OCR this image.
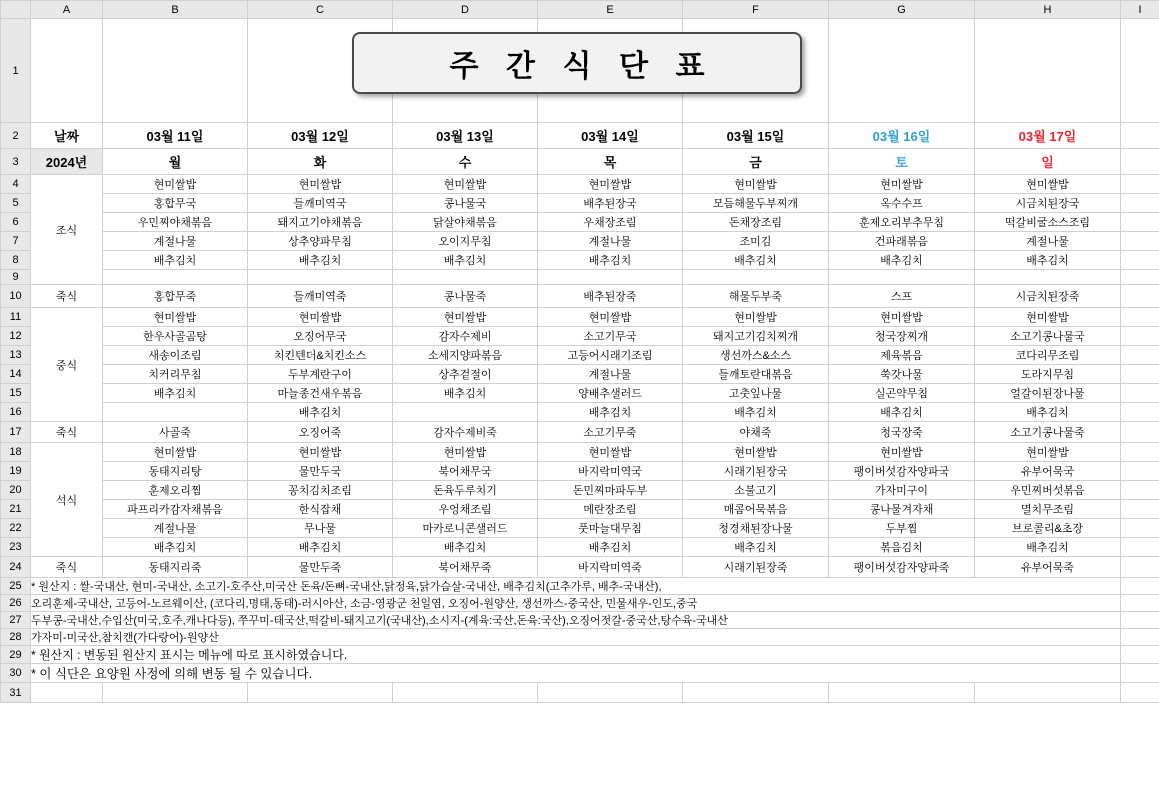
	A	B	C	D	E	F	G	H	I
1									
2	날짜	03월 11일	03월 12일	03월 13일	03월 14일	03월 15일	03월 16일	03월 17일	
3	2024년	월	화	수	목	금	토	일	
4	조식	현미쌀밥	현미쌀밥	현미쌀밥	현미쌀밥	현미쌀밥	현미쌀밥	현미쌀밥	
5		홍합무국	들깨미역국	콩나물국	배추된장국	모듬해물두부찌개	옥수수프	시금치된장국	
6		우민찌야채볶음	돼지고기야채볶음	닭살야채볶음	우채장조림	돈채장조림	훈제오리부추무침	떡갈비굴소스조림	
7		계절나물	상추양파무침	오이지무침	계절나물	조미김	건파래볶음	계절나물	
8		배추김치	배추김치	배추김치	배추김치	배추김치	배추김치	배추김치	
9									
10	죽식	홍합무죽	들깨미역죽	콩나물죽	배추된장죽	해물두부죽	스프	시금치된장죽	
11	중식	현미쌀밥	현미쌀밥	현미쌀밥	현미쌀밥	현미쌀밥	현미쌀밥	현미쌀밥	
12		한우사골곰탕	오징어무국	감자수제비	소고기무국	돼지고기김치찌개	청국장찌개	소고기콩나물국	
13		새송이조림	치킨텐더&치킨소스	소세지양파볶음	고등어시래기조림	생선까스&소스	제육볶음	코다리무조림	
14		치커리무침	두부계란구이	상추겉절이	계절나물	들깨토란대볶음	쑥갓나물	도라지무침	
15		배추김치	마늘종건새우볶음	배추김치	양배추샐러드	고춧잎나물	실곤약무침	얼갈이된장나물	
16			배추김치		배추김치	배추김치	배추김치	배추김치	
17	죽식	사골죽	오징어죽	감자수제비죽	소고기무죽	야채죽	청국장죽	소고기콩나물죽	
18	석식	현미쌀밥	현미쌀밥	현미쌀밥	현미쌀밥	현미쌀밥	현미쌀밥	현미쌀밥	
19		동태지리탕	물만두국	북어채무국	바지락미역국	시래기된장국	팽이버섯감자양파국	유부어묵국	
20		훈제오리찜	꽁치김치조림	돈육두루치기	돈민찌마파두부	소불고기	가자미구이	우민찌버섯볶음	
21		파프리카감자채볶음	한식잡채	우엉채조림	메란장조림	매콤어묵볶음	콩나물겨자채	멸치무조림	
22		계절나물	무나물	마카로니콘샐러드	풋마늘대무침	청경채된장나물	두부찜	브로콜리&초장	
23		배추김치	배추김치	배추김치	배추김치	배추김치	볶음김치	배추김치	
24	죽식	동태지리죽	물만두죽	북어채무죽	바지락미역죽	시래기된장죽	팽이버섯감자양파죽	유부어묵죽	
25	* 원산지 : 쌀-국내산, 현미-국내산, 소고기-호주산,미국산 돈육/돈뼈-국내산,닭정육,닭가슴살-국내산, 배추김치(고추가루, 배추-국내산),								
26	오리훈제-국내산, 고등어-노르웨이산, (코다리,명태,동태)-러시아산, 소금-영광군 천일염, 오징어-원양산, 생선까스-중국산, 민물새우-인도,중국								
27	두부콩-국내산,수입산(미국,호주,캐나다등), 쭈꾸미-태국산,떡갈비-돼지고기(국내산),소시지-(계육:국산,돈육:국산),오징어젓갈-중국산,탕수육-국내산								
28	가자미-미국산,참치캔(가다랑어)-원양산								
29	* 원산지 : 변동된 원산지 표시는 메뉴에 따로 표시하였습니다.								
30	* 이 식단은 요양원 사정에 의해 변동 될 수 있습니다.								
31									
주 간 식 단 표
